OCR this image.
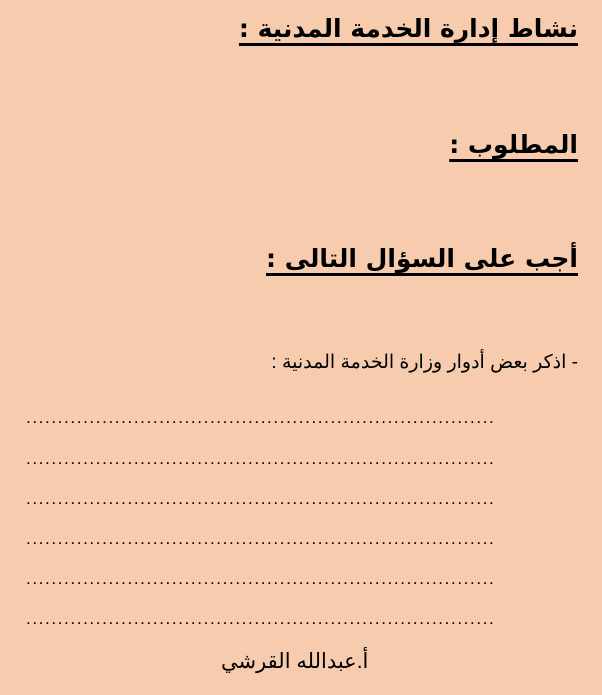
نشاط إدارة الخدمة المدنية :
المطلوب :
أجب على السؤال التالى :
- اذكر بعض أدوار وزارة الخدمة المدنية :
..........................................................................
..........................................................................
..........................................................................
..........................................................................
..........................................................................
..........................................................................
أ.عبدالله القرشي
